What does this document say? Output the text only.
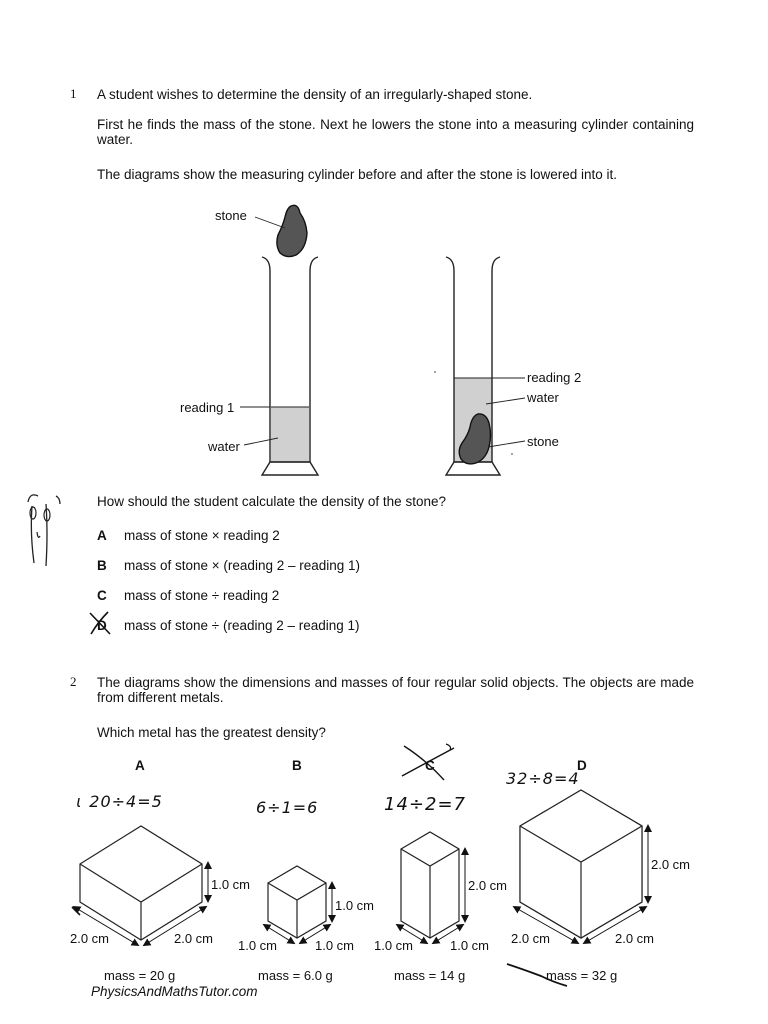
1 A student wishes to determine the density of an irregularly-shaped stone.
First he finds the mass of the stone. Next he lowers the stone into a measuring cylinder containing water.
The diagrams show the measuring cylinder before and after the stone is lowered into it.
stone
reading 1
water
reading 2
water
stone
How should the student calculate the density of the stone?
A mass of stone × reading 2
B mass of stone × (reading 2 – reading 1)
C mass of stone ÷ reading 2
D mass of stone ÷ (reading 2 – reading 1)
2 The diagrams show the dimensions and masses of four regular solid objects. The objects are made from different metals.
Which metal has the greatest density?
A	B	C	D
ɩ 20÷4=5	6÷1=6	14÷2=7
32÷8=4
1.0 cm
2.0 cm	2.0 cm
1.0 cm
1.0 cm	1.0 cm
2.0 cm
1.0 cm	1.0 cm
2.0 cm
2.0 cm	2.0 cm
mass = 20 g	mass = 6.0 g	mass = 14 g	mass = 32 g
PhysicsAndMathsTutor.com
